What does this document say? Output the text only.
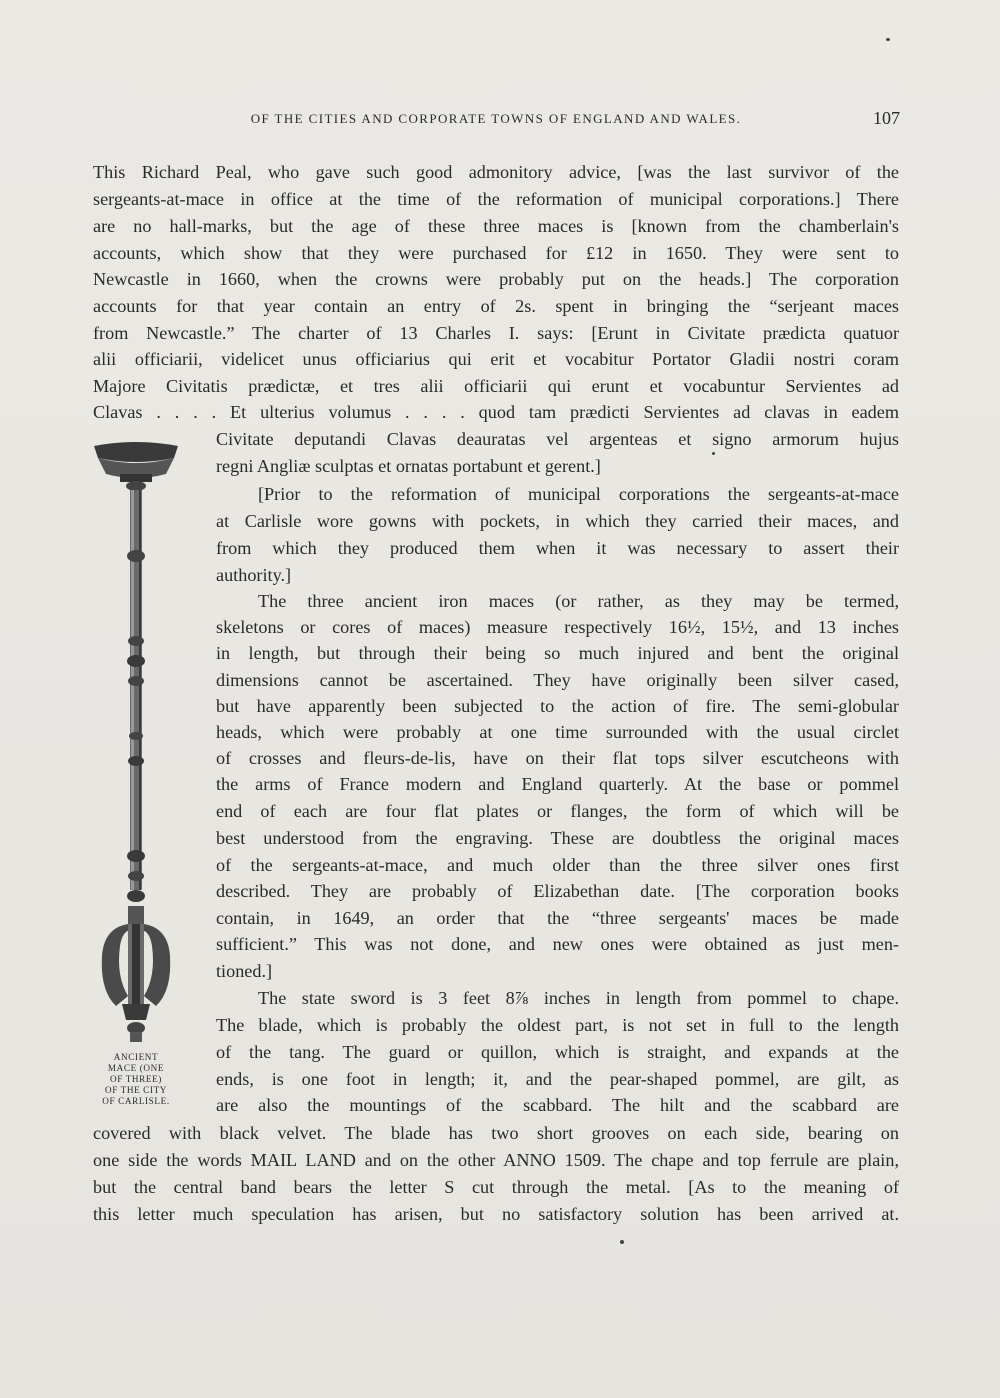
OF THE CITIES AND CORPORATE TOWNS OF ENGLAND AND WALES.	107
This Richard Peal, who gave such good admonitory advice, [was the last survivor of the
sergeants-at-mace in office at the time of the reformation of municipal corporations.] There
are no hall-marks, but the age of these three maces is [known from the chamberlain's
accounts, which show that they were purchased for £12 in 1650. They were sent to
Newcastle in 1660, when the crowns were probably put on the heads.] The corporation
accounts for that year contain an entry of 2s. spent in bringing the “serjeant maces
from Newcastle.” The charter of 13 Charles I. says: [Erunt in Civitate prædicta quatuor
alii officiarii, videlicet unus officiarius qui erit et vocabitur Portator Gladii nostri coram
Majore Civitatis prædictæ, et tres alii officiarii qui erunt et vocabuntur Servientes ad
Clavas . . . . Et ulterius volumus . . . . quod tam prædicti Servientes ad clavas in eadem
Civitate deputandi Clavas deauratas vel argenteas et signo armorum hujus
regni Angliæ sculptas et ornatas portabunt et gerent.]
[Prior to the reformation of municipal corporations the sergeants-at-mace
at Carlisle wore gowns with pockets, in which they carried their maces, and
from which they produced them when it was necessary to assert their
authority.]
The three ancient iron maces (or rather, as they may be termed,
skeletons or cores of maces) measure respectively 16½, 15½, and 13 inches
in length, but through their being so much injured and bent the original
dimensions cannot be ascertained. They have originally been silver cased,
but have apparently been subjected to the action of fire. The semi-globular
heads, which were probably at one time surrounded with the usual circlet
of crosses and fleurs-de-lis, have on their flat tops silver escutcheons with
the arms of France modern and England quarterly. At the base or pommel
end of each are four flat plates or flanges, the form of which will be
best understood from the engraving. These are doubtless the original maces
of the sergeants-at-mace, and much older than the three silver ones first
described. They are probably of Elizabethan date. [The corporation books
contain, in 1649, an order that the “three sergeants' maces be made
sufficient.” This was not done, and new ones were obtained as just men-
tioned.]
The state sword is 3 feet 8⅞ inches in length from pommel to chape.
The blade, which is probably the oldest part, is not set in full to the length
of the tang. The guard or quillon, which is straight, and expands at the
ends, is one foot in length; it, and the pear-shaped pommel, are gilt, as
are also the mountings of the scabbard. The hilt and the scabbard are
covered with black velvet. The blade has two short grooves on each side, bearing on
one side the words MAIL LAND and on the other ANNO 1509. The chape and top ferrule are plain,
but the central band bears the letter S cut through the metal. [As to the meaning of
this letter much speculation has arisen, but no satisfactory solution has been arrived at.
ANCIENT
MACE (ONE
OF THREE)
OF THE CITY
OF CARLISLE.
